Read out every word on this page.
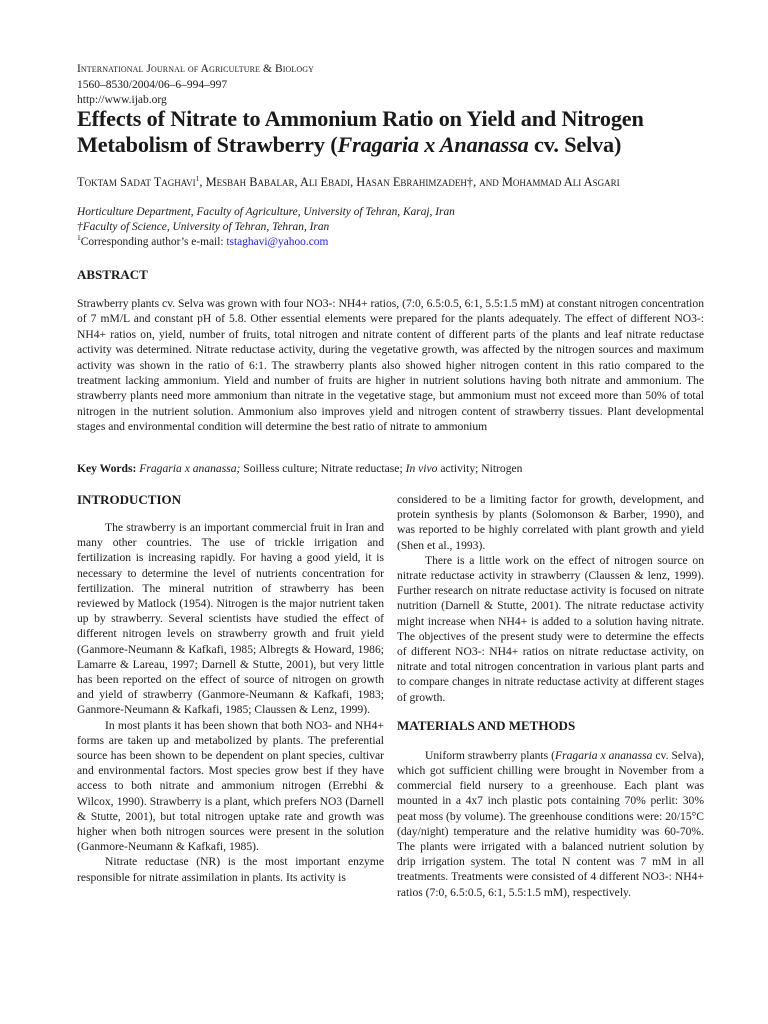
International Journal of Agriculture & Biology
1560–8530/2004/06–6–994–997
http://www.ijab.org
Effects of Nitrate to Ammonium Ratio on Yield and Nitrogen Metabolism of Strawberry (Fragaria x Ananassa cv. Selva)
Toktam Sadat Taghavi$^1$, Mesbah Babalar, Ali Ebadi, Hasan Ebrahimzadeh†, and Mohammad Ali Asgari
Horticulture Department, Faculty of Agriculture, University of Tehran, Karaj, Iran
†Faculty of Science, University of Tehran, Tehran, Iran
$^1$Corresponding author’s e-mail: tstaghavi@yahoo.com
ABSTRACT

Strawberry plants cv. Selva was grown with four NO3-: NH4+ ratios, (7:0, 6.5:0.5, 6:1, 5.5:1.5 mM) at constant nitrogen concentration of 7 mM/L and constant pH of 5.8. Other essential elements were prepared for the plants adequately. The effect of different NO3-: NH4+ ratios on, yield, number of fruits, total nitrogen and nitrate content of different parts of the plants and leaf nitrate reductase activity was determined. Nitrate reductase activity, during the vegetative growth, was affected by the nitrogen sources and maximum activity was shown in the ratio of 6:1. The strawberry plants also showed higher nitrogen content in this ratio compared to the treatment lacking ammonium. Yield and number of fruits are higher in nutrient solutions having both nitrate and ammonium. The strawberry plants need more ammonium than nitrate in the vegetative stage, but ammonium must not exceed more than 50% of total nitrogen in the nutrient solution. Ammonium also improves yield and nitrogen content of strawberry tissues. Plant developmental stages and environmental condition will determine the best ratio of nitrate to ammonium

Key Words: Fragaria x ananassa; Soilless culture; Nitrate reductase; In vivo activity; Nitrogen
INTRODUCTION

The strawberry is an important commercial fruit in Iran and many other countries. The use of trickle irrigation and fertilization is increasing rapidly. For having a good yield, it is necessary to determine the level of nutrients concentration for fertilization. The mineral nutrition of strawberry has been reviewed by Matlock (1954). Nitrogen is the major nutrient taken up by strawberry. Several scientists have studied the effect of different nitrogen levels on strawberry growth and fruit yield (Ganmore-Neumann & Kafkafi, 1985; Albregts & Howard, 1986; Lamarre & Lareau, 1997; Darnell & Stutte, 2001), but very little has been reported on the effect of source of nitrogen on growth and yield of strawberry (Ganmore-Neumann & Kafkafi, 1983; Ganmore-Neumann & Kafkafi, 1985; Claussen & Lenz, 1999).

In most plants it has been shown that both NO3- and NH4+ forms are taken up and metabolized by plants. The preferential source has been shown to be dependent on plant species, cultivar and environmental factors. Most species grow best if they have access to both nitrate and ammonium nitrogen (Errebhi & Wilcox, 1990). Strawberry is a plant, which prefers NO3 (Darnell & Stutte, 2001), but total nitrogen uptake rate and growth was higher when both nitrogen sources were present in the solution (Ganmore-Neumann & Kafkafi, 1985).

Nitrate reductase (NR) is the most important enzyme responsible for nitrate assimilation in plants. Its activity is

considered to be a limiting factor for growth, development, and protein synthesis by plants (Solomonson & Barber, 1990), and was reported to be highly correlated with plant growth and yield (Shen et al., 1993).

There is a little work on the effect of nitrogen source on nitrate reductase activity in strawberry (Claussen & lenz, 1999). Further research on nitrate reductase activity is focused on nitrate nutrition (Darnell & Stutte, 2001). The nitrate reductase activity might increase when NH4+ is added to a solution having nitrate. The objectives of the present study were to determine the effects of different NO3-: NH4+ ratios on nitrate reductase activity, on nitrate and total nitrogen concentration in various plant parts and to compare changes in nitrate reductase activity at different stages of growth.

MATERIALS AND METHODS

Uniform strawberry plants (Fragaria x ananassa cv. Selva), which got sufficient chilling were brought in November from a commercial field nursery to a greenhouse. Each plant was mounted in a 4x7 inch plastic pots containing 70% perlit: 30% peat moss (by volume). The greenhouse conditions were: 20/15°C (day/night) temperature and the relative humidity was 60-70%. The plants were irrigated with a balanced nutrient solution by drip irrigation system. The total N content was 7 mM in all treatments. Treatments were consisted of 4 different NO3-: NH4+ ratios (7:0, 6.5:0.5, 6:1, 5.5:1.5 mM), respectively.
